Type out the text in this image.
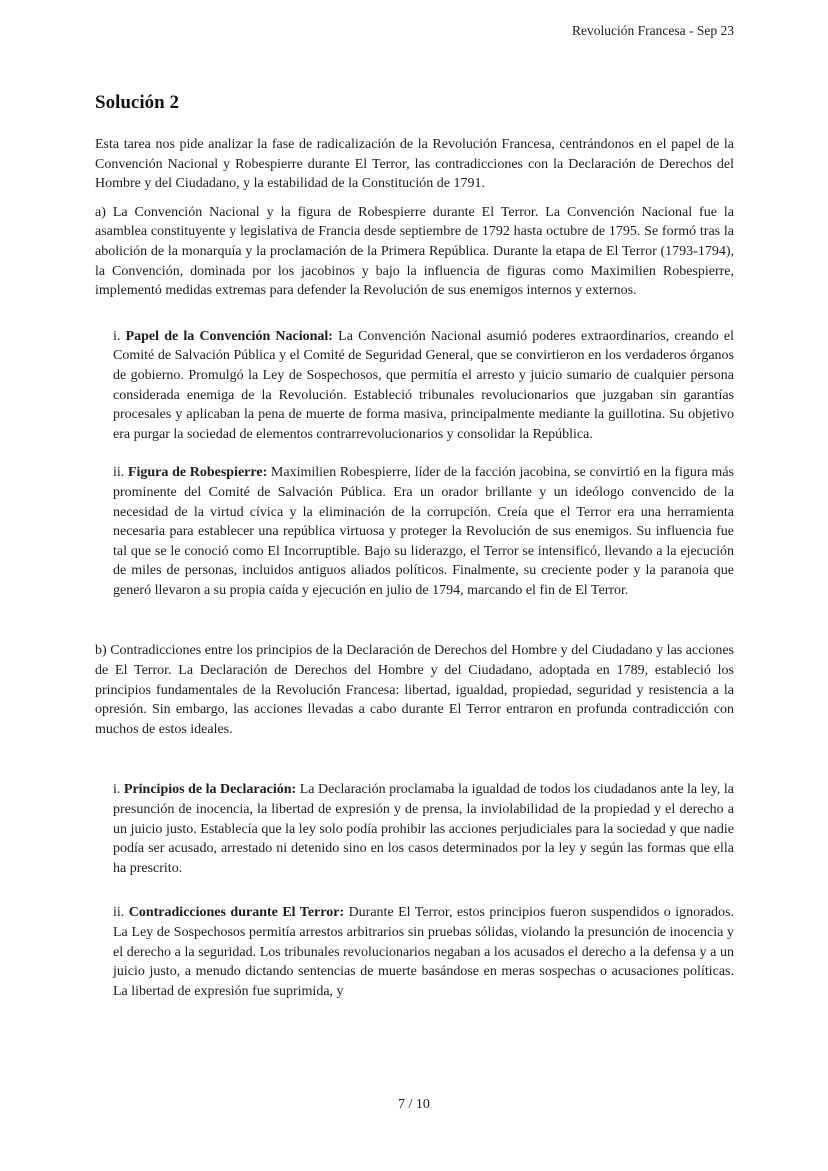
Revolución Francesa - Sep 23
Solución 2

Esta tarea nos pide analizar la fase de radicalización de la Revolución Francesa, centrándonos en el papel de la Convención Nacional y Robespierre durante El Terror, las contradicciones con la Declaración de Derechos del Hombre y del Ciudadano, y la estabilidad de la Constitución de 1791.

a) La Convención Nacional y la figura de Robespierre durante El Terror. La Convención Nacional fue la asamblea constituyente y legislativa de Francia desde septiembre de 1792 hasta octubre de 1795. Se formó tras la abolición de la monarquía y la proclamación de la Primera República. Durante la etapa de El Terror (1793-1794), la Convención, dominada por los jacobinos y bajo la influencia de figuras como Maximilien Robespierre, implementó medidas extremas para defender la Revolución de sus enemigos internos y externos.

i. Papel de la Convención Nacional: La Convención Nacional asumió poderes extraordinarios, creando el Comité de Salvación Pública y el Comité de Seguridad General, que se convirtieron en los verdaderos órganos de gobierno. Promulgó la Ley de Sospechosos, que permitía el arresto y juicio sumario de cualquier persona considerada enemiga de la Revolución. Estableció tribunales revolucionarios que juzgaban sin garantías procesales y aplicaban la pena de muerte de forma masiva, principalmente mediante la guillotina. Su objetivo era purgar la sociedad de elementos contrarrevolucionarios y consolidar la República.
ii. Figura de Robespierre: Maximilien Robespierre, líder de la facción jacobina, se convirtió en la figura más prominente del Comité de Salvación Pública. Era un orador brillante y un ideólogo convencido de la necesidad de la virtud cívica y la eliminación de la corrupción. Creía que el Terror era una herramienta necesaria para establecer una república virtuosa y proteger la Revolución de sus enemigos. Su influencia fue tal que se le conoció como El Incorruptible. Bajo su liderazgo, el Terror se intensificó, llevando a la ejecución de miles de personas, incluidos antiguos aliados políticos. Finalmente, su creciente poder y la paranoia que generó llevaron a su propia caída y ejecución en julio de 1794, marcando el fin de El Terror.

b) Contradicciones entre los principios de la Declaración de Derechos del Hombre y del Ciudadano y las acciones de El Terror. La Declaración de Derechos del Hombre y del Ciudadano, adoptada en 1789, estableció los principios fundamentales de la Revolución Francesa: libertad, igualdad, propiedad, seguridad y resistencia a la opresión. Sin embargo, las acciones llevadas a cabo durante El Terror entraron en profunda contradicción con muchos de estos ideales.

i. Principios de la Declaración: La Declaración proclamaba la igualdad de todos los ciudadanos ante la ley, la presunción de inocencia, la libertad de expresión y de prensa, la inviolabilidad de la propiedad y el derecho a un juicio justo. Establecía que la ley solo podía prohibir las acciones perjudiciales para la sociedad y que nadie podía ser acusado, arrestado ni detenido sino en los casos determinados por la ley y según las formas que ella ha prescrito.
ii. Contradicciones durante El Terror: Durante El Terror, estos principios fueron suspendidos o ignorados. La Ley de Sospechosos permitía arrestos arbitrarios sin pruebas sólidas, violando la presunción de inocencia y el derecho a la seguridad. Los tribunales revolucionarios negaban a los acusados el derecho a la defensa y a un juicio justo, a menudo dictando sentencias de muerte basándose en meras sospechas o acusaciones políticas. La libertad de expresión fue suprimida, y
7 / 10
